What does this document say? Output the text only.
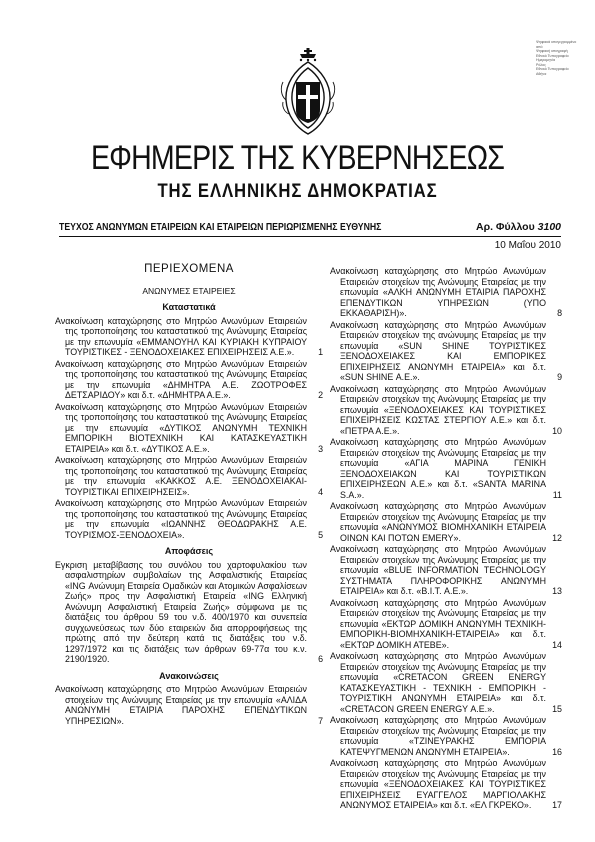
Ψηφιακά υπογεγραμμένο
από
Ψηφιακή υπογραφή
Εθνικό Τυπογραφείο
Ημερομηνία
Ρόλος
Εθνικό Τυπογραφείο
Αθήνα
ΕΦΗΜΕΡΙΣ ΤΗΣ ΚΥΒΕΡΝΗΣΕΩΣ
ΤΗΣ ΕΛΛΗΝΙΚΗΣ ΔΗΜΟΚΡΑΤΙΑΣ
ΤΕΥΧΟΣ ΑΝΩΝΥΜΩΝ ΕΤΑΙΡΕΙΩΝ ΚΑΙ ΕΤΑΙΡΕΙΩΝ ΠΕΡΙΩΡΙΣΜΕΝΗΣ ΕΥΘΥΝΗΣ	Αρ. Φύλλου 3100
10 Μαΐου 2010
ΠΕΡΙΕΧΟΜΕΝΑ
ΑΝΩΝΥΜΕΣ ΕΤΑΙΡΕΙΕΣ
Καταστατικά
Ανακοίνωση καταχώρησης στο Μητρώο Ανωνύμων Εταιρειών της τροποποίησης του καταστατικού της Ανώνυμης Εταιρείας με την επωνυμία «ΕΜΜΑΝΟΥΗΛ ΚΑΙ ΚΥΡΙΑΚΗ ΚΥΠΡΑΙΟΥ ΤΟΥΡΙΣΤΙΚΕΣ - ΞΕΝΟΔΟΧΕΙΑΚΕΣ ΕΠΙΧΕΙΡΗΣΕΙΣ Α.Ε.».	1
Ανακοίνωση καταχώρησης στο Μητρώο Ανωνύμων Εταιρειών της τροποποίησης του καταστατικού της Ανώνυμης Εταιρείας με την επωνυμία «ΔΗΜΗΤΡΑ Α.Ε. ΖΩΟΤΡΟΦΕΣ ΔΕΤΣΑΡΙΔΟΥ» και δ.τ. «ΔΗΜΗΤΡΑ Α.Ε.».	2
Ανακοίνωση καταχώρησης στο Μητρώο Ανωνύμων Εταιρειών της τροποποίησης του καταστατικού της Ανώνυμης Εταιρείας με την επωνυμία «ΔΥΤΙΚΟΣ ΑΝΩΝΥΜΗ ΤΕΧΝΙΚΗ ΕΜΠΟΡΙΚΗ ΒΙΟΤΕΧΝΙΚΗ ΚΑΙ ΚΑΤΑΣΚΕΥΑΣΤΙΚΗ ΕΤΑΙΡΕΙΑ» και δ.τ. «ΔΥΤΙΚΟΣ Α.Ε.».	3
Ανακοίνωση καταχώρησης στο Μητρώο Ανωνύμων Εταιρειών της τροποποίησης του καταστατικού της Ανώνυμης Εταιρείας με την επωνυμία «ΚΑΚΚΟΣ Α.Ε. ΞΕΝΟΔΟΧΕΙΑΚΑΙ-ΤΟΥΡΙΣΤΙΚΑΙ ΕΠΙΧΕΙΡΗΣΕΙΣ».	4
Ανακοίνωση καταχώρησης στο Μητρώο Ανωνύμων Εταιρειών της τροποποίησης του καταστατικού της Ανώνυμης Εταιρείας με την επωνυμία «ΙΩΑΝΝΗΣ ΘΕΟΔΩΡΑΚΗΣ Α.Ε. ΤΟΥΡΙΣΜΟΣ-ΞΕΝΟΔΟΧΕΙΑ».	5
Αποφάσεις
Εγκριση μεταβίβασης του συνόλου του χαρτοφυλακίου των ασφαλιστηρίων συμβολαίων της Ασφαλιστικής Εταιρείας «ING Ανώνυμη Εταιρεία Ομαδικών και Ατομικών Ασφαλίσεων Ζωής» προς την Ασφαλιστική Εταιρεία «ING Ελληνική Ανώνυμη Ασφαλιστική Εταιρεία Ζωής» σύμφωνα με τις διατάξεις του άρθρου 59 του ν.δ. 400/1970 και συνεπεία συγχωνεύσεως των δύο εταιρειών δια απορροφήσεως της πρώτης από την δεύτερη κατά τις διατάξεις του ν.δ. 1297/1972 και τις διατάξεις των άρθρων 69-77α του κ.ν. 2190/1920.	6
Ανακοινώσεις
Ανακοίνωση καταχώρησης στο Μητρώο Ανωνύμων Εταιρειών στοιχείων της Ανώνυμης Εταιρείας με την επωνυμία «ΑΛΙΔΑ ΑΝΩΝΥΜΗ ΕΤΑΙΡΙΑ ΠΑΡΟΧΗΣ ΕΠΕΝΔΥΤΙΚΩΝ ΥΠΗΡΕΣΙΩΝ».	7
Ανακοίνωση καταχώρησης στο Μητρώο Ανωνύμων Εταιρειών στοιχείων της Ανώνυμης Εταιρείας με την επωνυμία «ΑΛΚΗ ΑΝΩΝΥΜΗ ΕΤΑΙΡΙΑ ΠΑΡΟΧΗΣ ΕΠΕΝΔΥΤΙΚΩΝ ΥΠΗΡΕΣΙΩΝ (ΥΠΟ ΕΚΚΑΘΑΡΙΣΗ)».	8
Ανακοίνωση καταχώρησης στο Μητρώο Ανωνύμων Εταιρειών στοιχείων της ανώνυμης Εταιρείας με την επωνυμία «SUN SHINE ΤΟΥΡΙΣΤΙΚΕΣ ΞΕΝΟΔΟΧΕΙΑΚΕΣ ΚΑΙ ΕΜΠΟΡΙΚΕΣ ΕΠΙΧΕΙΡΗΣΕΙΣ ΑΝΩΝΥΜΗ ΕΤΑΙΡΕΙΑ» και δ.τ. «SUN SHINE Α.Ε.».	9
Ανακοίνωση καταχώρησης στο Μητρώο Ανωνύμων Εταιρειών στοιχείων της Ανώνυμης Εταιρείας με την επωνυμία «ΞΕΝΟΔΟΧΕΙΑΚΕΣ ΚΑΙ ΤΟΥΡΙΣΤΙΚΕΣ ΕΠΙΧΕΙΡΗΣΕΙΣ ΚΩΣΤΑΣ ΣΤΕΡΓΙΟΥ Α.Ε.» και δ.τ. «ΠΕΤΡΑ Α.Ε.».	10
Ανακοίνωση καταχώρησης στο Μητρώο Ανωνύμων Εταιρειών στοιχείων της Ανώνυμης Εταιρείας με την επωνυμία «ΑΓΙΑ ΜΑΡΙΝΑ ΓΕΝΙΚΗ ΞΕΝΟΔΟΧΕΙΑΚΩΝ ΚΑΙ ΤΟΥΡΙΣΤΙΚΩΝ ΕΠΙΧΕΙΡΗΣΕΩΝ Α.Ε.» και δ.τ. «SANTA MARINA S.A.».	11
Ανακοίνωση καταχώρησης στο Μητρώο Ανωνύμων Εταιρειών στοιχείων της Ανώνυμης Εταιρείας με την επωνυμία «ΑΝΩΝΥΜΟΣ ΒΙΟΜΗΧΑΝΙΚΗ ΕΤΑΙΡΕΙΑ ΟΙΝΩΝ ΚΑΙ ΠΟΤΩΝ EMERY».	12
Ανακοίνωση καταχώρησης στο Μητρώο Ανωνύμων Εταιρειών στοιχείων της Ανώνυμης Εταιρείας με την επωνυμία «BLUE INFORMATION TECHNOLOGY ΣΥΣΤΗΜΑΤΑ ΠΛΗΡΟΦΟΡΙΚΗΣ ΑΝΩΝΥΜΗ ΕΤΑΙΡΕΙΑ» και δ.τ. «B.I.T. Α.Ε.».	13
Ανακοίνωση καταχώρησης στο Μητρώο Ανωνύμων Εταιρειών στοιχείων της Ανώνυμης Εταιρείας με την επωνυμία «ΕΚΤΩΡ ΔΟΜΙΚΗ ΑΝΩΝΥΜΗ ΤΕΧΝΙΚΗ-ΕΜΠΟΡΙΚΗ-ΒΙΟΜΗΧΑΝΙΚΗ-ΕΤΑΙΡΕΙΑ» και δ.τ. «ΕΚΤΩΡ ΔΟΜΙΚΗ ΑΤΕΒΕ».	14
Ανακοίνωση καταχώρησης στο Μητρώο Ανωνύμων Εταιρειών στοιχείων της Ανώνυμης Εταιρείας με την επωνυμία «CRETACON GREEN ENERGY ΚΑΤΑΣΚΕΥΑΣΤΙΚΗ - ΤΕΧΝΙΚΗ - ΕΜΠΟΡΙΚΗ - ΤΟΥΡΙΣΤΙΚΗ ΑΝΩΝΥΜΗ ΕΤΑΙΡΕΙΑ» και δ.τ. «CRETACON GREEN ENERGY Α.Ε.».	15
Ανακοίνωση καταχώρησης στο Μητρώο Ανωνύμων Εταιρειών στοιχείων της Ανώνυμης Εταιρείας με την επωνυμία «ΤΖΙΝΕΥΡΑΚΗΣ ΕΜΠΟΡΙΑ ΚΑΤΕΨΥΓΜΕΝΩΝ ΑΝΩΝΥΜΗ ΕΤΑΙΡΕΙΑ».	16
Ανακοίνωση καταχώρησης στο Μητρώο Ανωνύμων Εταιρειών στοιχείων της Ανώνυμης Εταιρείας με την επωνυμία «ΞΕΝΟΔΟΧΕΙΑΚΕΣ ΚΑΙ ΤΟΥΡΙΣΤΙΚΕΣ ΕΠΙΧΕΙΡΗΣΕΙΣ ΕΥΑΓΓΕΛΟΣ ΜΑΡΓΙΟΛΑΚΗΣ ΑΝΩΝΥΜΟΣ ΕΤΑΙΡΕΙΑ» και δ.τ. «ΕΛ ΓΚΡΕΚΟ».	17
